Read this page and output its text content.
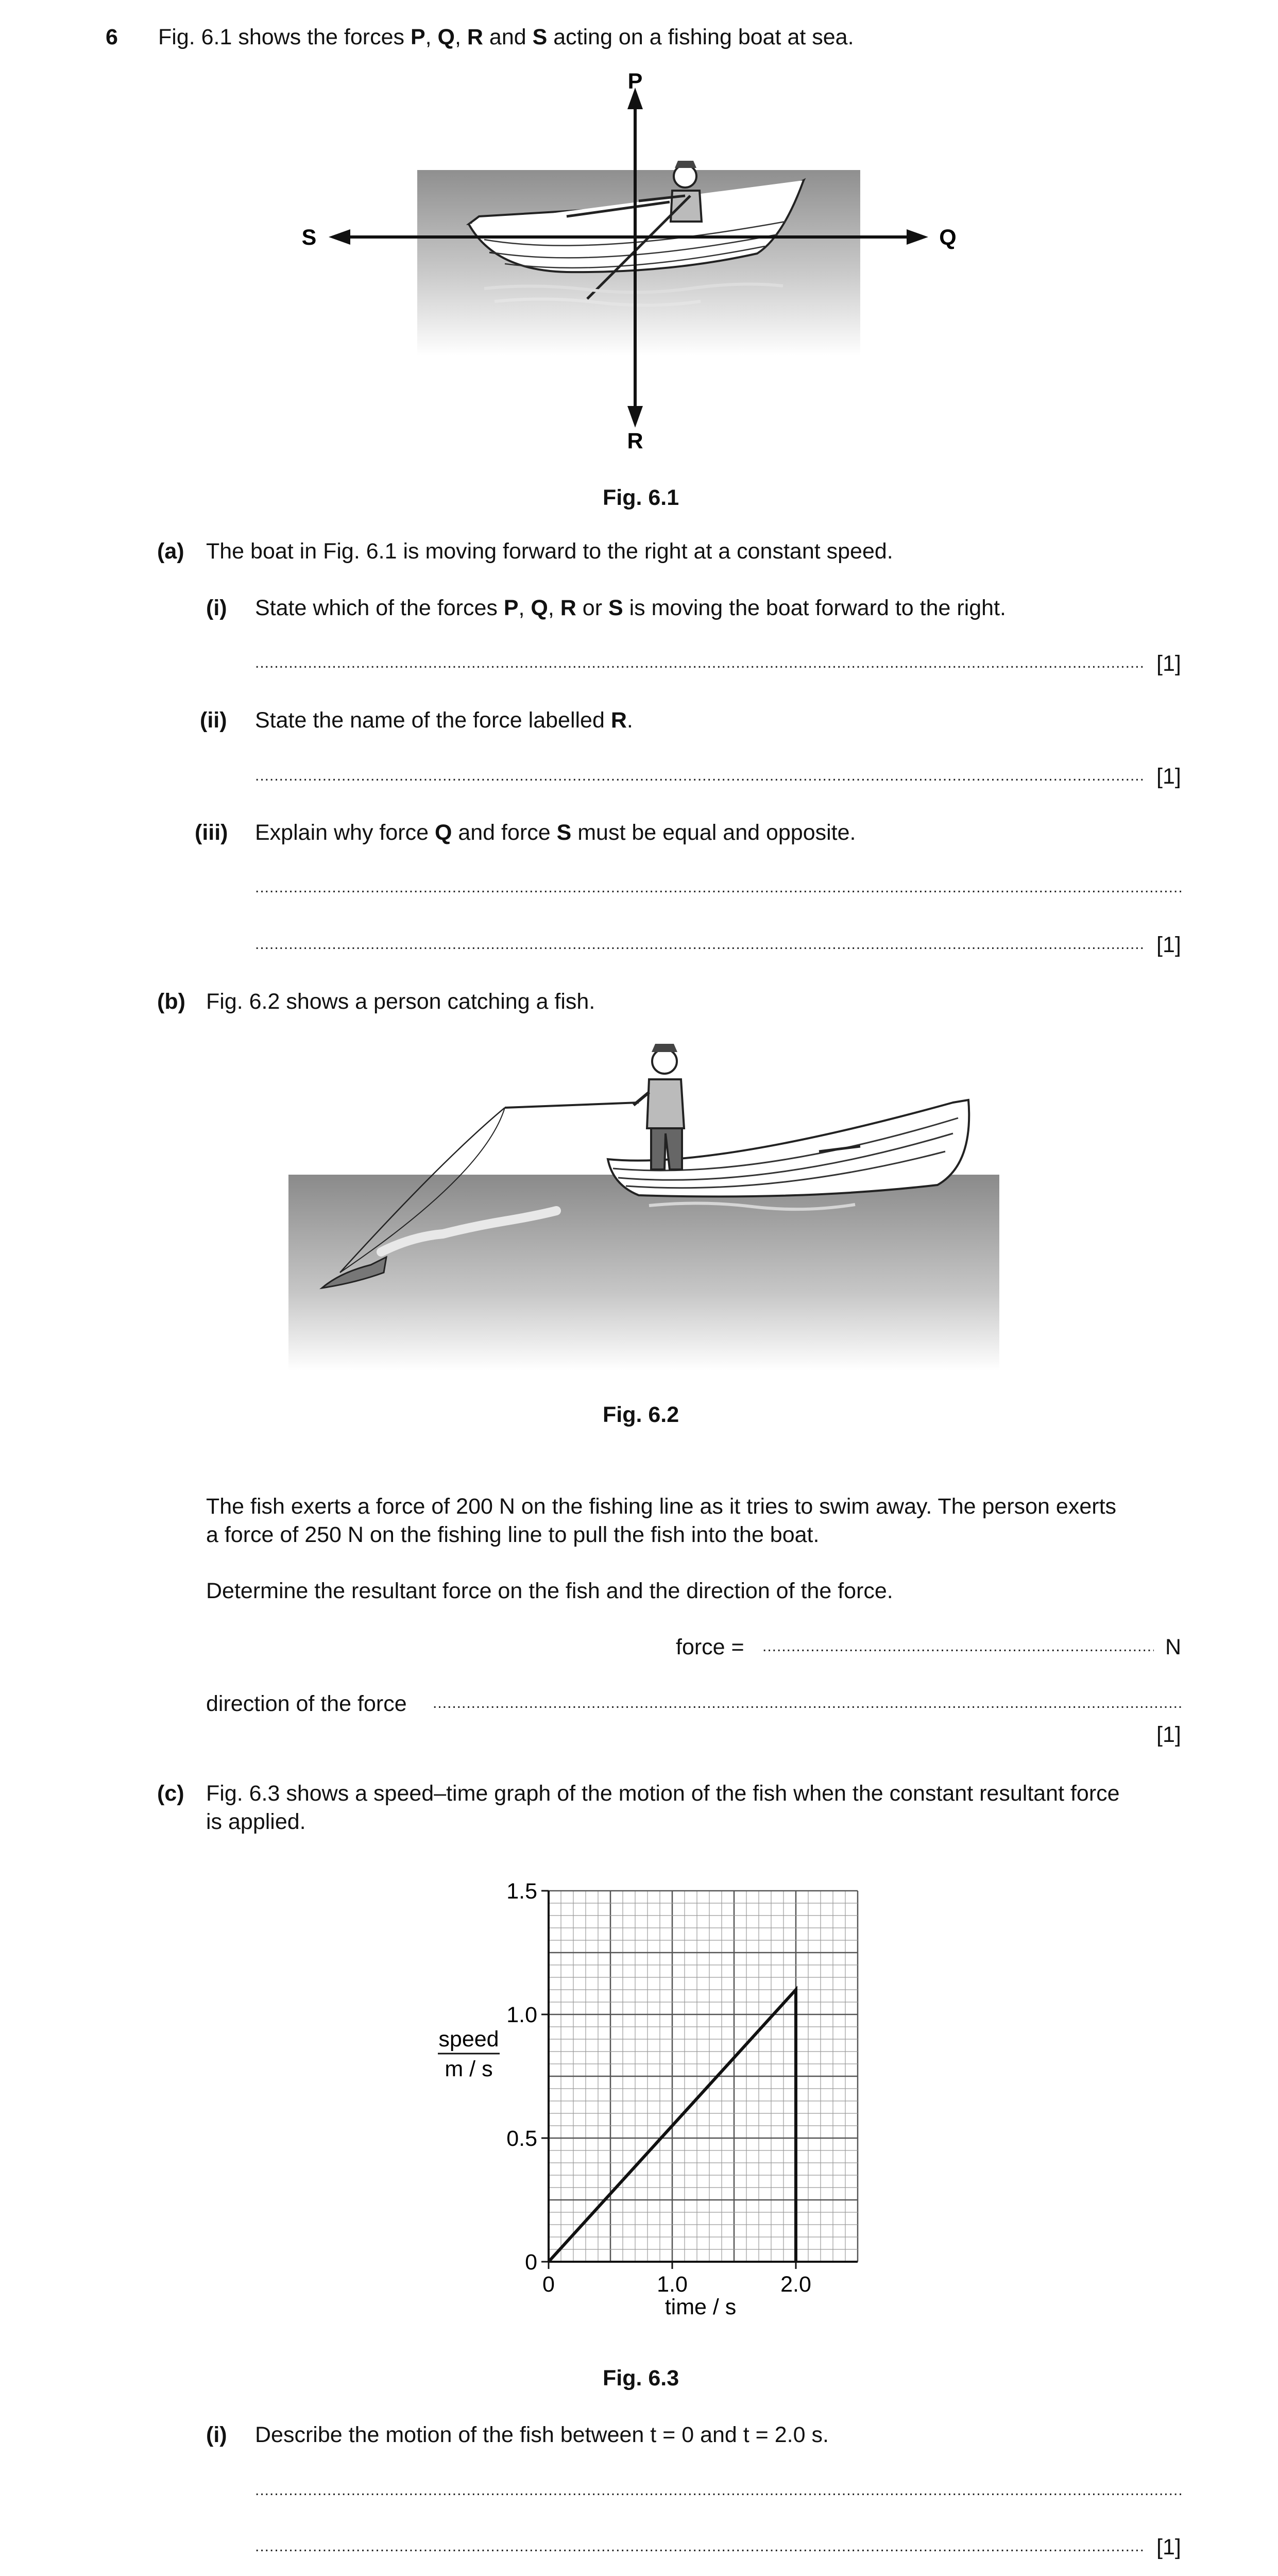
6 Fig. 6.1 shows the forces P, Q, R and S acting on a fishing boat at sea.
P
R
Q
S
Fig. 6.1
(a) The boat in Fig. 6.1 is moving forward to the right at a constant speed.
(i) State which of the forces P, Q, R or S is moving the boat forward to the right.
.....
[1]
(ii) State the name of the force labelled R.
.....
[1]
(iii) Explain why force Q and force S must be equal and opposite.
.....
.....
[1]
(b) Fig. 6.2 shows a person catching a fish.
Fig. 6.2
The fish exerts a force of 200 N on the fishing line as it tries to swim away. The person exerts
a force of 250 N on the fishing line to pull the fish into the boat.
Determine the resultant force on the fish and the direction of the force.
force =
.....	N
direction of the force
.....
[1]
(c) Fig. 6.3 shows a speed–time graph of the motion of the fish when the constant resultant force
is applied.
0	1.0	2.0
0
0.5
1.0
1.5
speed
m / s
time / s
Fig. 6.3
(i) Describe the motion of the fish between t = 0 and t = 2.0 s.
.....
.....
[1]
